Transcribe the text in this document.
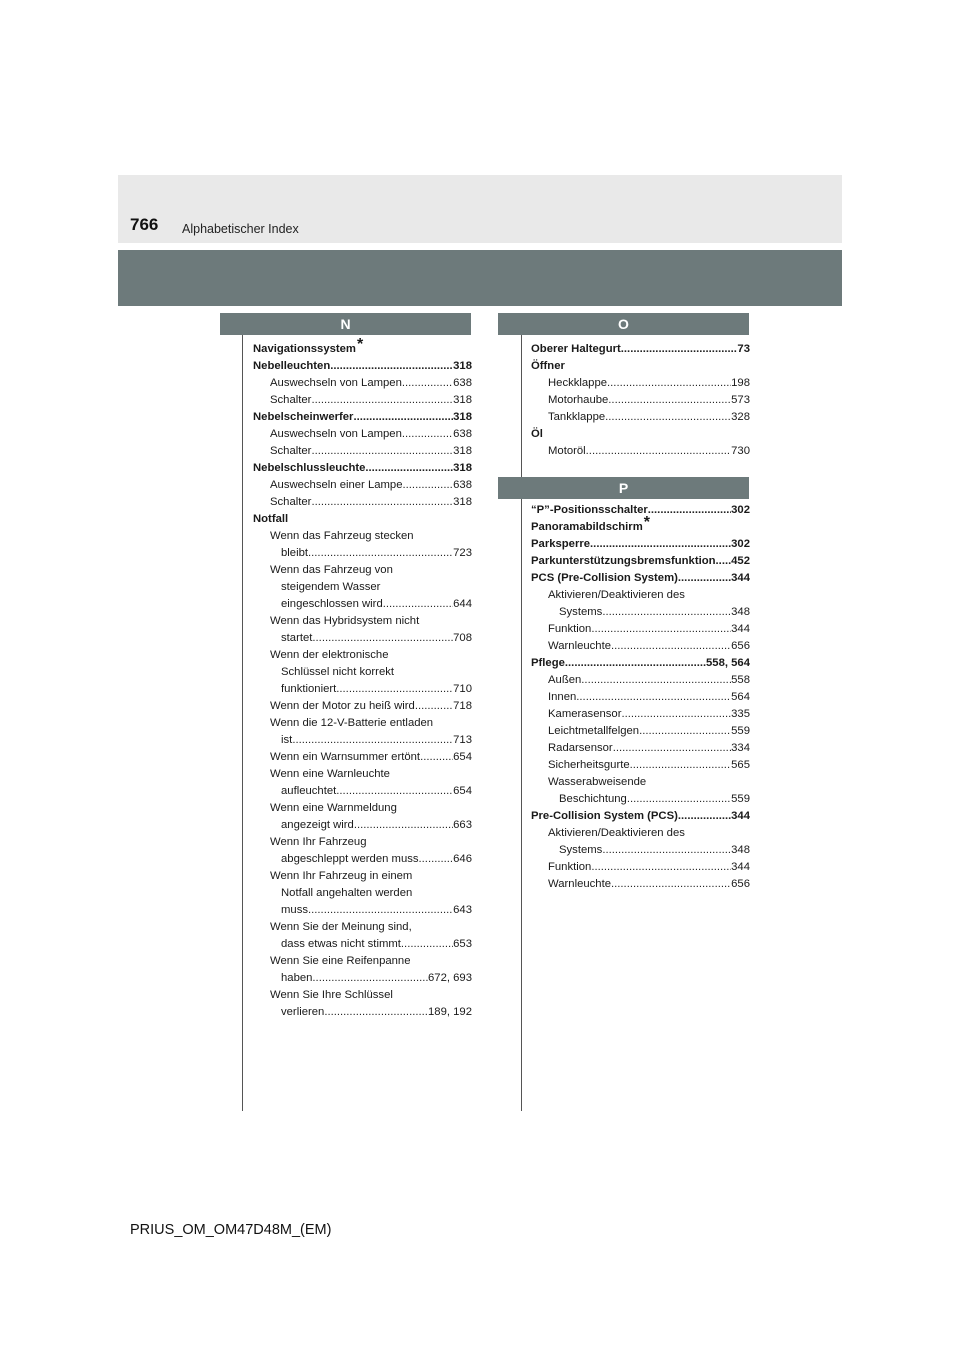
766 Alphabetischer Index
N
Navigationssystem *
Nebelleuchten .....	318
Auswechseln von Lampen .....	638
Schalter .....	318
Nebelscheinwerfer .....	318
Auswechseln von Lampen .....	638
Schalter .....	318
Nebelschlussleuchte .....	318
Auswechseln einer Lampe .....	638
Schalter .....	318
Notfall
Wenn das Fahrzeug stecken
bleibt .....	723
Wenn das Fahrzeug von
steigendem Wasser
eingeschlossen wird .....	644
Wenn das Hybridsystem nicht
startet .....	708
Wenn der elektronische
Schlüssel nicht korrekt
funktioniert .....	710
Wenn der Motor zu heiß wird .....	718
Wenn die 12-V-Batterie entladen
ist .....	713
Wenn ein Warnsummer ertönt .....	654
Wenn eine Warnleuchte
aufleuchtet .....	654
Wenn eine Warnmeldung
angezeigt wird .....	663
Wenn Ihr Fahrzeug
abgeschleppt werden muss .....	646
Wenn Ihr Fahrzeug in einem
Notfall angehalten werden
muss .....	643
Wenn Sie der Meinung sind,
dass etwas nicht stimmt .....	653
Wenn Sie eine Reifenpanne
haben .....	672, 693
Wenn Sie Ihre Schlüssel
verlieren .....	189, 192
O
Oberer Haltegurt .....	73
Öffner
Heckklappe .....	198
Motorhaube .....	573
Tankklappe .....	328
Öl
Motoröl .....	730
P
“P”-Positionsschalter .....	302
Panoramabildschirm *
Parksperre .....	302
Parkunterstützungsbremsfunktion ..... 452
PCS (Pre-Collision System) .....	344
Aktivieren/Deaktivieren des
Systems .....	348
Funktion .....	344
Warnleuchte .....	656
Pflege .....	558, 564
Außen .....	558
Innen .....	564
Kamerasensor .....	335
Leichtmetallfelgen .....	559
Radarsensor .....	334
Sicherheitsgurte .....	565
Wasserabweisende
Beschichtung .....	559
Pre-Collision System (PCS) .....	344
Aktivieren/Deaktivieren des
Systems .....	348
Funktion .....	344
Warnleuchte .....	656
PRIUS_OM_OM47D48M_(EM)
